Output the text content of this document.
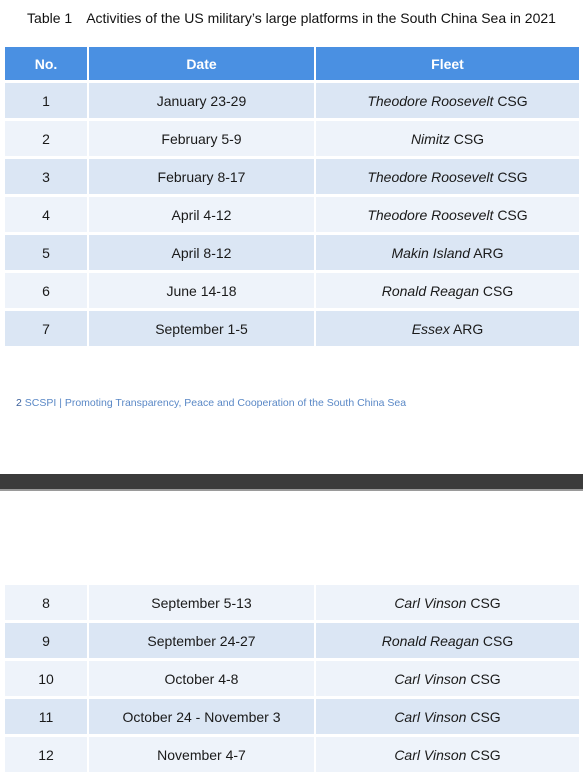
Table 1 Activities of the US military’s large platforms in the South China Sea in 2021
No.	Date	Fleet
1	January 23-29	Theodore Roosevelt CSG
2	February 5-9	Nimitz CSG
3	February 8-17	Theodore Roosevelt CSG
4	April 4-12	Theodore Roosevelt CSG
5	April 8-12	Makin Island ARG
6	June 14-18	Ronald Reagan CSG
7	September 1-5	Essex ARG
2 SCSPI | Promoting Transparency, Peace and Cooperation of the South China Sea
8	September 5-13	Carl Vinson CSG
9	September 24-27	Ronald Reagan CSG
10	October 4-8	Carl Vinson CSG
11	October 24 - November 3	Carl Vinson CSG
12	November 4-7	Carl Vinson CSG
